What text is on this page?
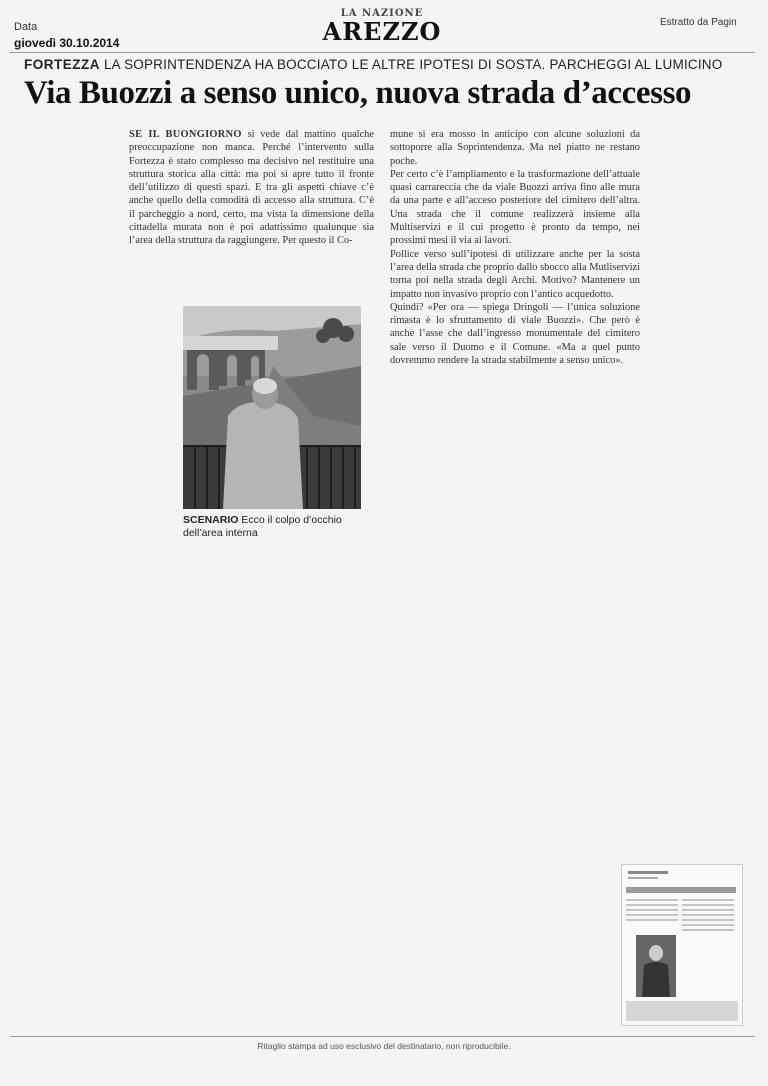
Data
giovedì 30.10.2014
LA NAZIONE
AREZZO	Estratto da Pagin
FORTEZZA LA SOPRINTENDENZA HA BOCCIATO LE ALTRE IPOTESI DI SOSTA. PARCHEGGI AL LUMICINO
Via Buozzi a senso unico, nuova strada d’accesso

SE IL BUONGIORNO si vede dal mattino qualche preoccupazione non manca. Perché l’intervento sulla Fortezza è stato complesso ma decisivo nel restituire una struttura storica alla città: ma poi si apre tutto il fronte dell’utilizzo di questi spazi. E tra gli aspetti chiave c’è anche quello della comodità di accesso alla struttura. C’è il parcheggio a nord, certo, ma vista la dimensione della cittadella murata non è poi adattissimo qualunque sia l’area della struttura da raggiungere. Per questo il Co-

mune si era mosso in anticipo con alcune soluzioni da sottoporre alla Soprintendenza. Ma nel piatto ne restano poche.

Per certo c’è l’ampliamento e la trasformazione dell’attuale quasi carrareccia che da viale Buozzi arriva fino alle mura da una parte e all’acceso posteriore del cimitero dell’altra. Una strada che il comune realizzerà insieme alla Multiservizi e il cui progetto è pronto da tempo, nei prossimi mesi il via ai lavori.

Pollice verso sull’ipotesi di utilizzare anche per la sosta l’area della strada che proprio dallo sbocco alla Mutliservizi torna poi nella strada degli Archi. Motivo? Mantenere un impatto non invasivo proprio con l’antico acquedotto.

Quindi? «Per ora — spiega Dringoli — l’unica soluzione rimasta è lo sfruttamento di viale Buozzi». Che però è anche l’asse che dall’ingresso monumentale del cimitero sale verso il Duomo e il Comune. «Ma a quel punto dovremmo rendere la strada stabilmente a senso unico».

SCENARIO Ecco il colpo d’occhio dell’area interna
Ritaglio stampa ad uso esclusivo del destinatario, non riproducibile.
